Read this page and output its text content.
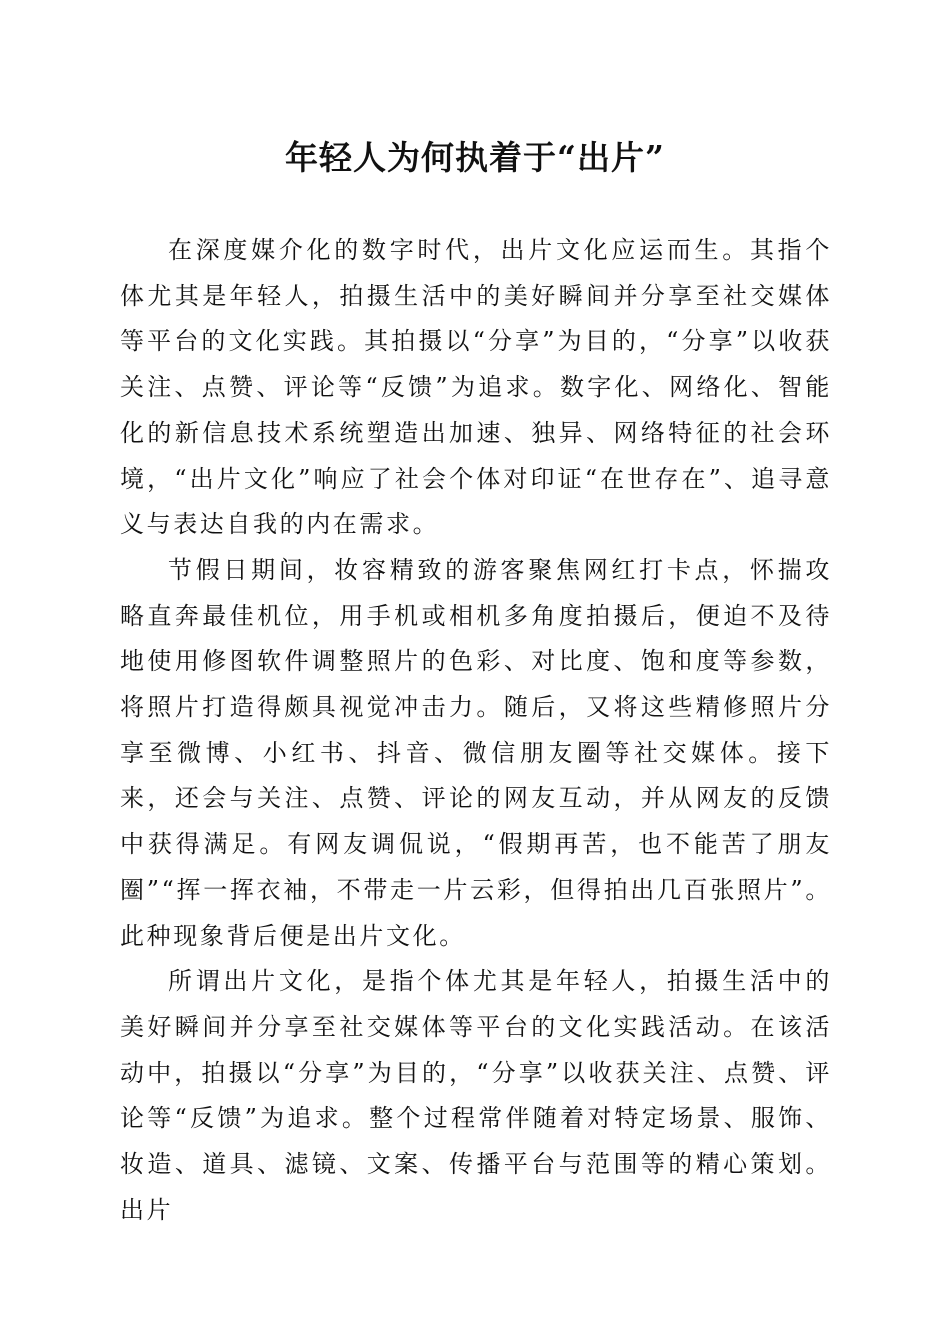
年轻人为何执着于“出片”

在深度媒介化的数字时代，出片文化应运而生。其指个体尤其是年轻人，拍摄生活中的美好瞬间并分享至社交媒体等平台的文化实践。其拍摄以“分享”为目的，“分享”以收获关注、点赞、评论等“反馈”为追求。数字化、网络化、智能化的新信息技术系统塑造出加速、独异、网络特征的社会环境，“出片文化”响应了社会个体对印证“在世存在”、追寻意义与表达自我的内在需求。

节假日期间，妆容精致的游客聚焦网红打卡点，怀揣攻略直奔最佳机位，用手机或相机多角度拍摄后，便迫不及待地使用修图软件调整照片的色彩、对比度、饱和度等参数，将照片打造得颇具视觉冲击力。随后，又将这些精修照片分享至微博、小红书、抖音、微信朋友圈等社交媒体。接下来，还会与关注、点赞、评论的网友互动，并从网友的反馈中获得满足。有网友调侃说，“假期再苦，也不能苦了朋友圈”“挥一挥衣袖，不带走一片云彩，但得拍出几百张照片”。此种现象背后便是出片文化。

所谓出片文化，是指个体尤其是年轻人，拍摄生活中的美好瞬间并分享至社交媒体等平台的文化实践活动。在该活动中，拍摄以“分享”为目的，“分享”以收获关注、点赞、评论等“反馈”为追求。整个过程常伴随着对特定场景、服饰、妆造、道具、滤镜、文案、传播平台与范围等的精心策划。出片
